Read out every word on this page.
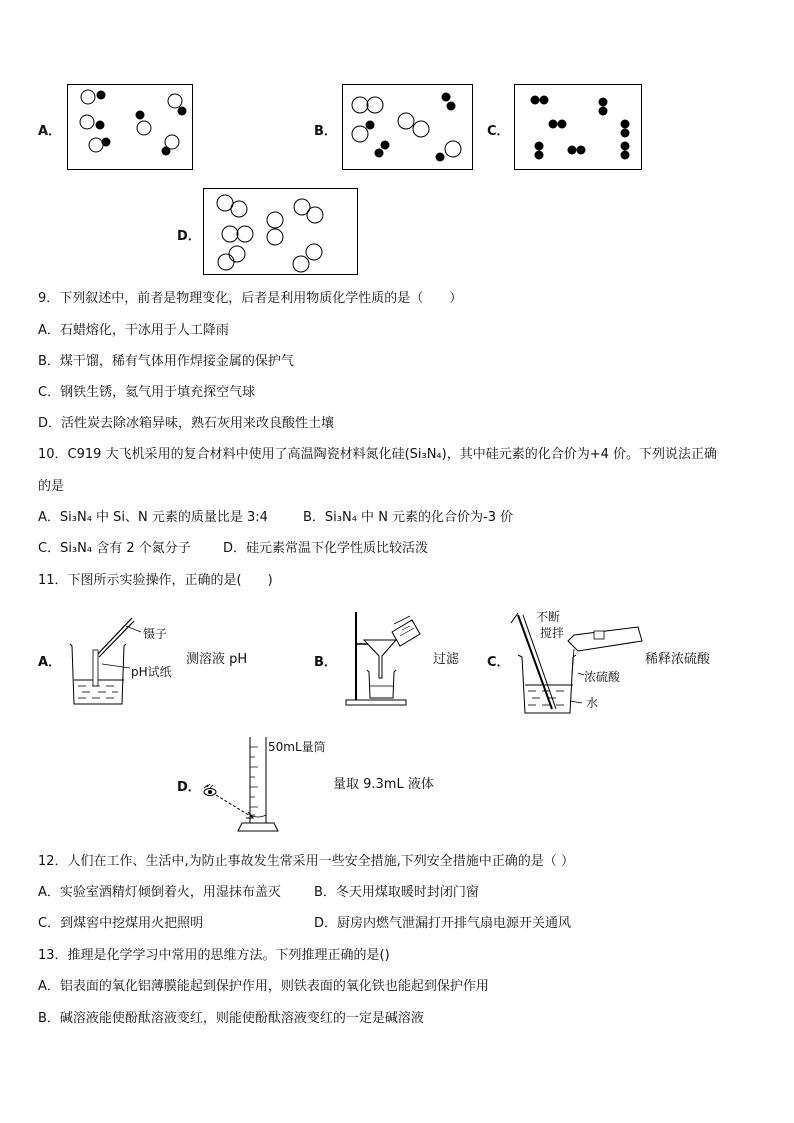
A．	B．	C．
D．
9．下列叙述中，前者是物理变化，后者是利用物质化学性质的是（　　）
A．石蜡熔化，干冰用于人工降雨
B．煤干馏，稀有气体用作焊接金属的保护气
C．钢铁生锈，氦气用于填充探空气球
D．活性炭去除冰箱异味，熟石灰用来改良酸性土壤
10．C919 大飞机采用的复合材料中使用了高温陶瓷材料氮化硅(Si₃N₄)，其中硅元素的化合价为+4 价。下列说法正确
的是
A．Si₃N₄ 中 Si、N 元素的质量比是 3:4	B．Si₃N₄ 中 N 元素的化合价为-3 价
C．Si₃N₄ 含有 2 个氮分子 D．硅元素常温下化学性质比较活泼
11．下图所示实验操作，正确的是(　　)
A．
镊子
pH试纸
测溶液 pH	B．	过滤 C．
不断
搅拌
浓硫酸
水
稀释浓硫酸
D．
50mL量筒
量取 9.3mL 液体
12．人们在工作、生活中,为防止事故发生常采用一些安全措施,下列安全措施中正确的是（ ）
A．实验室酒精灯倾倒着火，用湿抹布盖灭	B．冬天用煤取暖时封闭门窗
C．到煤窖中挖煤用火把照明	D．厨房内燃气泄漏打开排气扇电源开关通风
13．推理是化学学习中常用的思维方法。下列推理正确的是()
A．铝表面的氧化铝薄膜能起到保护作用，则铁表面的氧化铁也能起到保护作用
B．碱溶液能使酚酞溶液变红，则能使酚酞溶液变红的一定是碱溶液
